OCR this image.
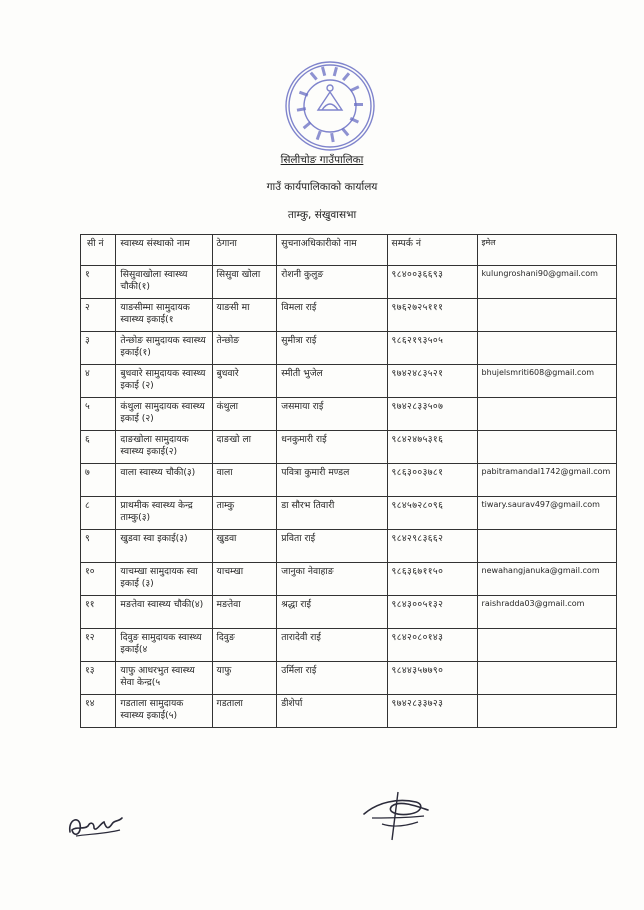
सिलीचोङ गाउँपालिका
गाउँ कार्यपालिकाको कार्यालय
ताम्कु, संखुवासभा
सी नं	स्वास्थ्य संस्थाको नाम	ठेगाना	सुचनाअधिकारीको नाम	सम्पर्क नं	इमेल
१	सिसुवाखोला स्वास्थ्य चौकी(१)	सिसुवा खोला	रोशनी कुलुङ	९८४००३६६९३	kulungroshani90@gmail.com
२	याङसीम्मा सामुदायक स्वास्थ्य इकाई(१	याङसी मा	विमला राई	९७६२७२५१११	
३	तेन्छोङ सामुदायक स्वास्थ्य इकाई(१)	तेन्छोङ	सुमीत्रा राई	९८६२१९३५०५	
४	बुधवारे सामुदायक स्वास्थ्य इकाई (२)	बुधवारे	स्मीती भुजेल	९७४२४८३५२१	bhujelsmriti608@gmail.com
५	कंथुला सामुदायक स्वास्थ्य इकाई (२)	कंथुला	जसमाया राई	९७४२८३३५०७	
६	दाङखोला सामुदायक स्वास्थ्य इकाई(२)	दाङखो ला	धनकुमारी राई	९८४२४७५३१६	
७	वाला स्वास्थ्य चौकी(३)	वाला	पवित्रा कुमारी मण्डल	९८६३००३७८१	pabitramandal1742@gmail.com
८	प्राथमीक स्वास्थ्य केन्द्र ताम्कु(३)	ताम्कु	डा सौरभ तिवारी	९८४५७२८०९६	tiwary.saurav497@gmail.com
९	खुडवा स्वा इकाई(३)	खुडवा	प्रविता राई	९८४२९८३६६२	
१०	याचम्खा सामुदायक स्वा इकाई (३)	याचम्खा	जानुका नेवाहाङ	९८६३६७११५०	newahangjanuka@gmail.com
११	मङतेवा स्वास्थ्य चौकी(४)	मङतेवा	श्रद्धा राई	९८४३००५१३२	raishradda03@gmail.com
१२	दिवुङ सामुदायक स्वास्थ्य इकाई(४	दिवुङ	तारादेवी राई	९८४२०८०१४३	
१३	याफु आधरभुत स्वास्थ्य सेवा केन्द्र(५	याफु	उर्मिला राई	९८४४३५७७९०	
१४	गडताला सामुदायक स्वास्थ्य इकाई(५)	गडताला	डीशेर्पा	९७४२८३३७२३	
